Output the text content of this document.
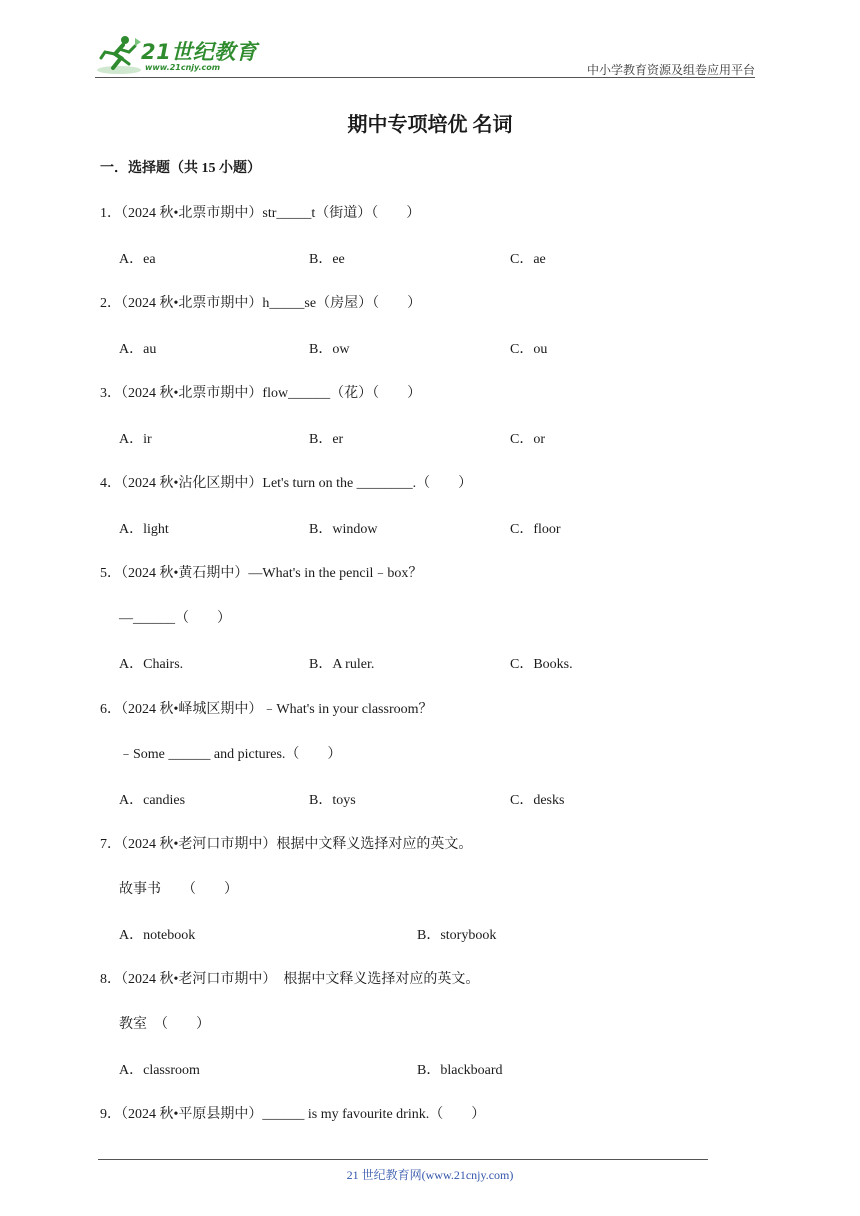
21世纪教育
www.21cnjy.com	中小学教育资源及组卷应用平台
期中专项培优 名词
一．选择题（共 15 小题）
1．（2024 秋•北票市期中）str_____t（街道）（　　）
A．ea	B．ee	C．ae
2．（2024 秋•北票市期中）h_____se（房屋）（　　）
A．au	B．ow	C．ou
3．（2024 秋•北票市期中）flow______（花）（　　）
A．ir	B．er	C．or
4．（2024 秋•沾化区期中）Let's turn on the ________.（　　）
A．light	B．window	C．floor
5．（2024 秋•黄石期中）—What's in the pencil﹣box？
—______（　　）
A．Chairs.	B．A ruler.	C．Books.
6．（2024 秋•峄城区期中）﹣What's in your classroom？
﹣Some ______ and pictures.（　　）
A．candies	B．toys	C．desks
7．（2024 秋•老河口市期中）根据中文释义选择对应的英文。
故事书　　（　　）
A．notebook	B．storybook
8．（2024 秋•老河口市期中）  根据中文释义选择对应的英文。
教室　（　　）
A．classroom	B．blackboard
9．（2024 秋•平原县期中）______ is my favourite drink.（　　）
21 世纪教育网(www.21cnjy.com)
